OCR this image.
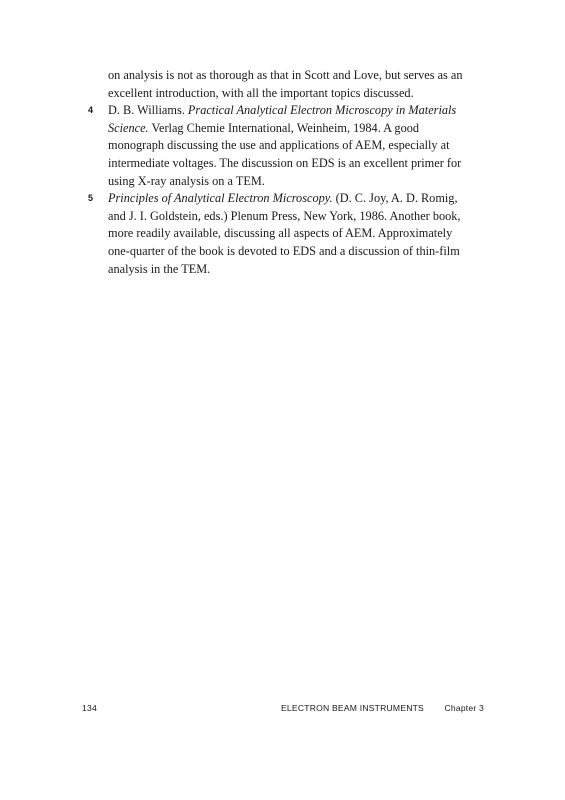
on analysis is not as thorough as that in Scott and Love, but serves as an excellent introduction, with all the important topics discussed.

4 D. B. Williams. Practical Analytical Electron Microscopy in Materials Science. Verlag Chemie International, Weinheim, 1984. A good monograph discussing the use and applications of AEM, especially at intermediate voltages. The discussion on EDS is an excellent primer for using X-ray analysis on a TEM.
5 Principles of Analytical Electron Microscopy. (D. C. Joy, A. D. Romig, and J. I. Goldstein, eds.) Plenum Press, New York, 1986. Another book, more readily available, discussing all aspects of AEM. Approximately one-quarter of the book is devoted to EDS and a discussion of thin-film analysis in the TEM.
134	ELECTRON BEAM INSTRUMENTS Chapter 3
